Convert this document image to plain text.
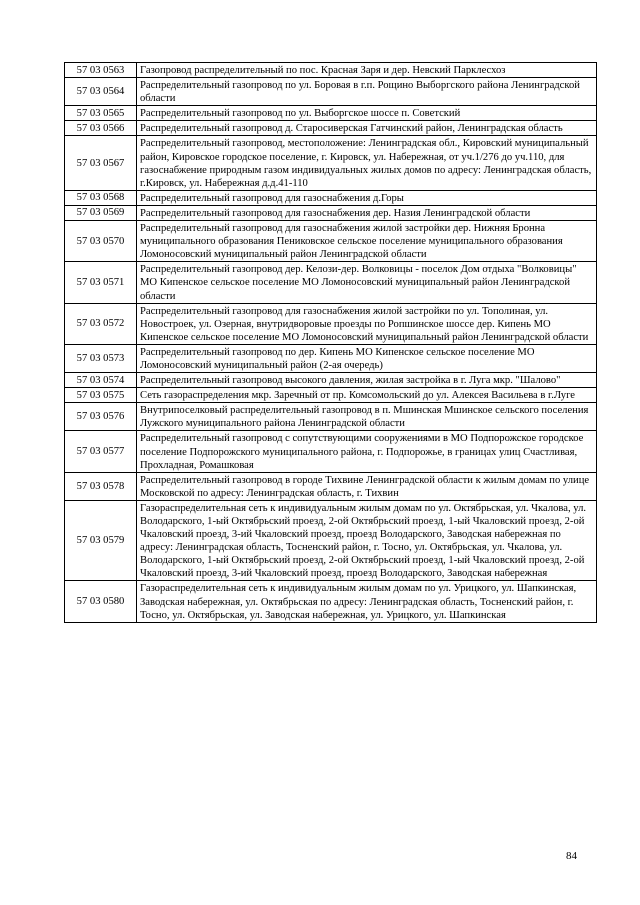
57 03 0563	Газопровод распределительный по пос. Красная Заря и дер. Невский Парклесхоз
57 03 0564	Распределительный газопровод по ул. Боровая в г.п. Рощино Выборгского района Ленинградской области
57 03 0565	Распределительный газопровод по ул. Выборгское шоссе п. Советский
57 03 0566	Распределительный газопровод д. Старосиверская Гатчинский район, Ленинградская область
57 03 0567	Распределительный газопровод, местоположение: Ленинградская обл., Кировский муниципальный район, Кировское городское поселение, г. Кировск, ул. Набережная, от уч.1/276 до уч.110, для газоснабжение природным газом индивидуальных жилых домов по адресу: Ленинградская область, г.Кировск, ул. Набережная д.д.41-110
57 03 0568	Распределительный газопровод для газоснабжения д.Горы
57 03 0569	Распределительный газопровод для газоснабжения дер. Назия Ленинградской области
57 03 0570	Распределительный газопровод для газоснабжения жилой застройки дер. Нижняя Бронна муниципального образования Пениковское сельское поселение муниципального образования Ломоносовский муниципальный район Ленинградской области
57 03 0571	Распределительный газопровод дер. Келози-дер. Волковицы - поселок Дом отдыха "Волковицы" МО Кипенское сельское поселение МО Ломоносовский муниципальный район Ленинградской области
57 03 0572	Распределительный газопровод для газоснабжения жилой застройки по ул. Тополиная, ул. Новостроек, ул. Озерная, внутридворовые проезды по Ропшинское шоссе дер. Кипень МО Кипенское сельское поселение МО Ломоносовский муниципальный район Ленинградской области
57 03 0573	Распределительный газопровод по дер. Кипень МО Кипенское сельское поселение МО Ломоносовский муниципальный район (2-ая очередь)
57 03 0574	Распределительный газопровод высокого давления, жилая застройка в г. Луга мкр. "Шалово"
57 03 0575	Сеть газораспределения мкр. Заречный от пр. Комсомольский до ул. Алексея Васильева в г.Луге
57 03 0576	Внутрипоселковый распределительный газопровод в п. Мшинская Мшинское сельского поселения Лужского муниципального района Ленинградской области
57 03 0577	Распределительный газопровод с сопутствующими сооружениями в МО Подпорожское городское поселение Подпорожского муниципального района, г. Подпорожье, в границах улиц Счастливая, Прохладная, Ромашковая
57 03 0578	Распределительный газопровод в городе Тихвине Ленинградской области к жилым домам по улице Московской по адресу: Ленинградская область, г. Тихвин
57 03 0579	Газораспределительная сеть к индивидуальным жилым домам по ул. Октябрьская, ул. Чкалова, ул. Володарского, 1-ый Октябрьский проезд, 2-ой Октябрьский проезд, 1-ый Чкаловский проезд, 2-ой Чкаловский проезд, 3-ий Чкаловский проезд, проезд Володарского, Заводская набережная по адресу: Ленинградская область, Тосненский район, г. Тосно, ул. Октябрьская, ул. Чкалова, ул. Володарского, 1-ый Октябрьский проезд, 2-ой Октябрьский проезд, 1-ый Чкаловский проезд, 2-ой Чкаловский проезд, 3-ий Чкаловский проезд, проезд Володарского, Заводская набережная
57 03 0580	Газораспределительная сеть к индивидуальным жилым домам по ул. Урицкого, ул. Шапкинская, Заводская набережная, ул. Октябрьская по адресу: Ленинградская область, Тосненский район, г. Тосно, ул. Октябрьская, ул. Заводская набережная, ул. Урицкого, ул. Шапкинская
84
